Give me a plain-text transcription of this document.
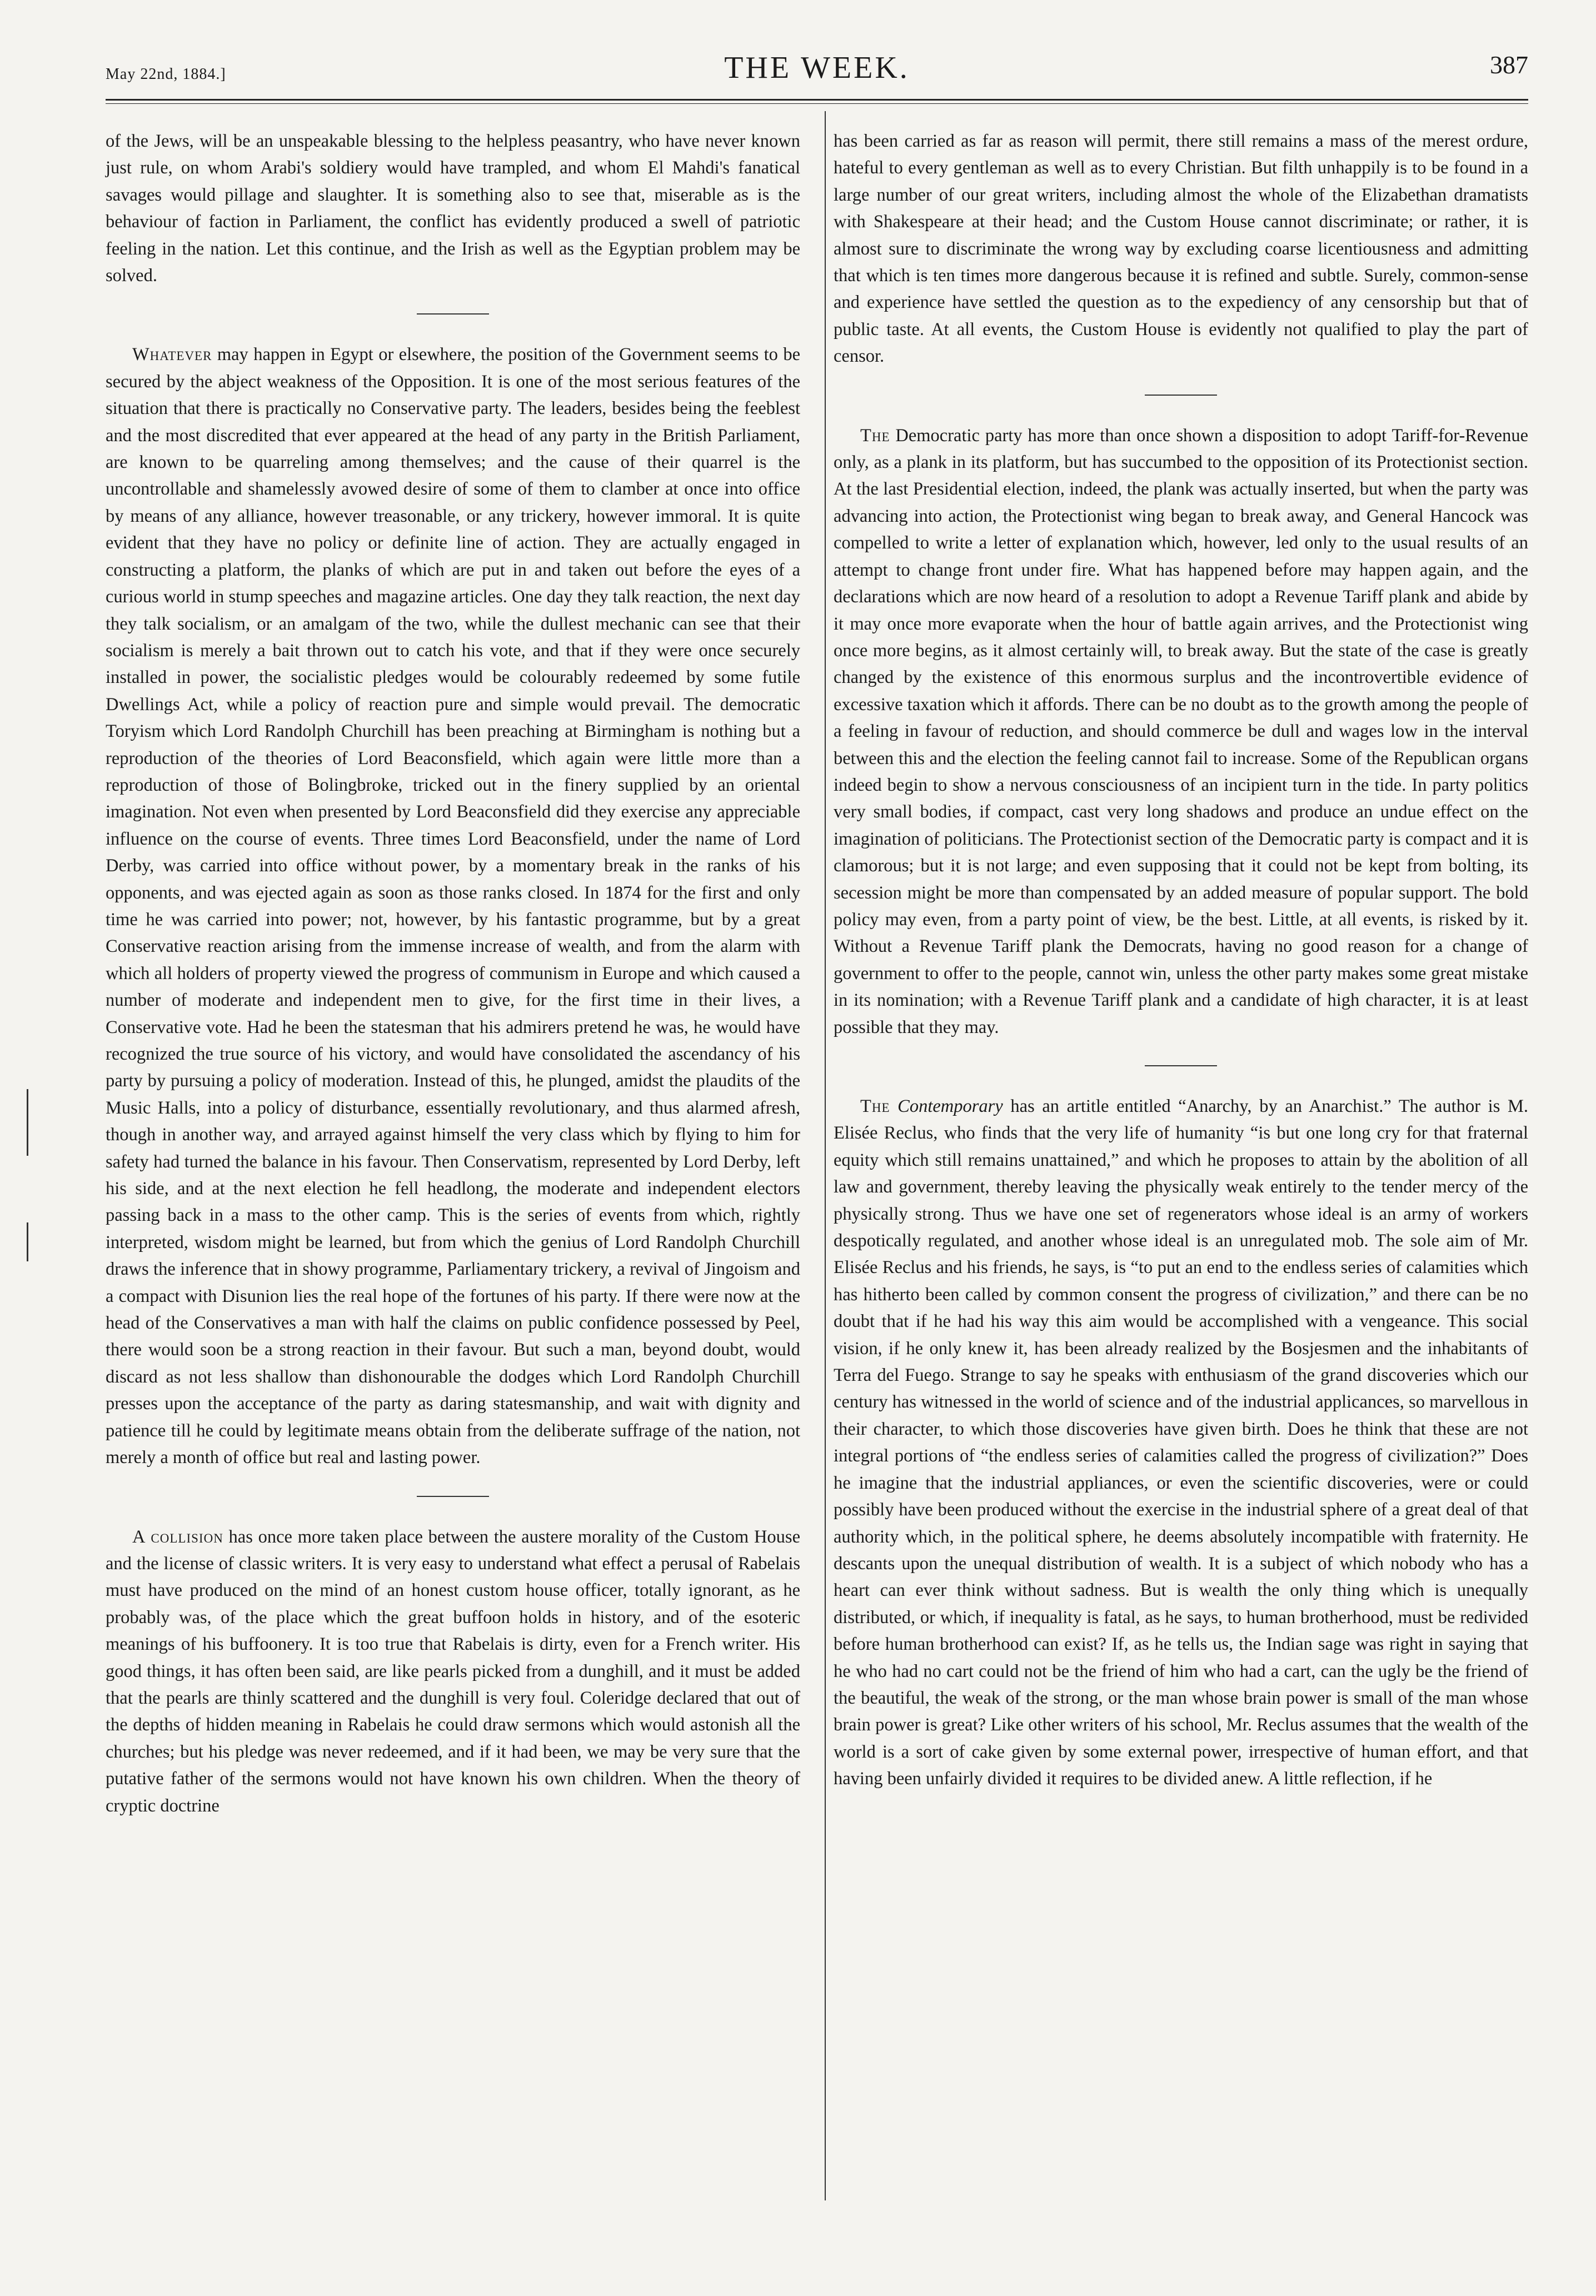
May 22nd, 1884.]	THE WEEK.	387

of the Jews, will be an unspeakable blessing to the helpless peasantry, who have never known just rule, on whom Arabi's soldiery would have trampled, and whom El Mahdi's fanatical savages would pillage and slaughter. It is something also to see that, miserable as is the behaviour of faction in Parliament, the conflict has evidently produced a swell of patriotic feeling in the nation. Let this continue, and the Irish as well as the Egyptian problem may be solved.

Whatever may happen in Egypt or elsewhere, the position of the Government seems to be secured by the abject weakness of the Opposition. It is one of the most serious features of the situation that there is practically no Conservative party. The leaders, besides being the feeblest and the most discredited that ever appeared at the head of any party in the British Parliament, are known to be quarreling among themselves; and the cause of their quarrel is the uncontrollable and shamelessly avowed desire of some of them to clamber at once into office by means of any alliance, however treasonable, or any trickery, however immoral. It is quite evident that they have no policy or definite line of action. They are actually engaged in constructing a platform, the planks of which are put in and taken out before the eyes of a curious world in stump speeches and magazine articles. One day they talk reaction, the next day they talk socialism, or an amalgam of the two, while the dullest mechanic can see that their socialism is merely a bait thrown out to catch his vote, and that if they were once securely installed in power, the socialistic pledges would be colourably redeemed by some futile Dwellings Act, while a policy of reaction pure and simple would prevail. The democratic Toryism which Lord Randolph Churchill has been preaching at Birmingham is nothing but a reproduction of the theories of Lord Beaconsfield, which again were little more than a reproduction of those of Bolingbroke, tricked out in the finery supplied by an oriental imagination. Not even when presented by Lord Beaconsfield did they exercise any appreciable influence on the course of events. Three times Lord Beaconsfield, under the name of Lord Derby, was carried into office without power, by a momentary break in the ranks of his opponents, and was ejected again as soon as those ranks closed. In 1874 for the first and only time he was carried into power; not, however, by his fantastic programme, but by a great Conservative reaction arising from the immense increase of wealth, and from the alarm with which all holders of property viewed the progress of communism in Europe and which caused a number of moderate and independent men to give, for the first time in their lives, a Conservative vote. Had he been the statesman that his admirers pretend he was, he would have recognized the true source of his victory, and would have consolidated the ascendancy of his party by pursuing a policy of moderation. Instead of this, he plunged, amidst the plaudits of the Music Halls, into a policy of disturbance, essentially revolutionary, and thus alarmed afresh, though in another way, and arrayed against himself the very class which by flying to him for safety had turned the balance in his favour. Then Conservatism, represented by Lord Derby, left his side, and at the next election he fell headlong, the moderate and independent electors passing back in a mass to the other camp. This is the series of events from which, rightly interpreted, wisdom might be learned, but from which the genius of Lord Randolph Churchill draws the inference that in showy programme, Parliamentary trickery, a revival of Jingoism and a compact with Disunion lies the real hope of the fortunes of his party. If there were now at the head of the Conservatives a man with half the claims on public confidence possessed by Peel, there would soon be a strong reaction in their favour. But such a man, beyond doubt, would discard as not less shallow than dishonourable the dodges which Lord Randolph Churchill presses upon the acceptance of the party as daring statesmanship, and wait with dignity and patience till he could by legitimate means obtain from the deliberate suffrage of the nation, not merely a month of office but real and lasting power.

A collision has once more taken place between the austere morality of the Custom House and the license of classic writers. It is very easy to understand what effect a perusal of Rabelais must have produced on the mind of an honest custom house officer, totally ignorant, as he probably was, of the place which the great buffoon holds in history, and of the esoteric meanings of his buffoonery. It is too true that Rabelais is dirty, even for a French writer. His good things, it has often been said, are like pearls picked from a dunghill, and it must be added that the pearls are thinly scattered and the dunghill is very foul. Coleridge declared that out of the depths of hidden meaning in Rabelais he could draw sermons which would astonish all the churches; but his pledge was never redeemed, and if it had been, we may be very sure that the putative father of the sermons would not have known his own children. When the theory of cryptic doctrine

has been carried as far as reason will permit, there still remains a mass of the merest ordure, hateful to every gentleman as well as to every Christian. But filth unhappily is to be found in a large number of our great writers, including almost the whole of the Elizabethan dramatists with Shakespeare at their head; and the Custom House cannot discriminate; or rather, it is almost sure to discriminate the wrong way by excluding coarse licentiousness and admitting that which is ten times more dangerous because it is refined and subtle. Surely, common-sense and experience have settled the question as to the expediency of any censorship but that of public taste. At all events, the Custom House is evidently not qualified to play the part of censor.

The Democratic party has more than once shown a disposition to adopt Tariff-for-Revenue only, as a plank in its platform, but has succumbed to the opposition of its Protectionist section. At the last Presidential election, indeed, the plank was actually inserted, but when the party was advancing into action, the Protectionist wing began to break away, and General Hancock was compelled to write a letter of explanation which, however, led only to the usual results of an attempt to change front under fire. What has happened before may happen again, and the declarations which are now heard of a resolution to adopt a Revenue Tariff plank and abide by it may once more evaporate when the hour of battle again arrives, and the Protectionist wing once more begins, as it almost certainly will, to break away. But the state of the case is greatly changed by the existence of this enormous surplus and the incontrovertible evidence of excessive taxation which it affords. There can be no doubt as to the growth among the people of a feeling in favour of reduction, and should commerce be dull and wages low in the interval between this and the election the feeling cannot fail to increase. Some of the Republican organs indeed begin to show a nervous consciousness of an incipient turn in the tide. In party politics very small bodies, if compact, cast very long shadows and produce an undue effect on the imagination of politicians. The Protectionist section of the Democratic party is compact and it is clamorous; but it is not large; and even supposing that it could not be kept from bolting, its secession might be more than compensated by an added measure of popular support. The bold policy may even, from a party point of view, be the best. Little, at all events, is risked by it. Without a Revenue Tariff plank the Democrats, having no good reason for a change of government to offer to the people, cannot win, unless the other party makes some great mistake in its nomination; with a Revenue Tariff plank and a candidate of high character, it is at least possible that they may.

The Contemporary has an artitle entitled “Anarchy, by an Anarchist.” The author is M. Elisée Reclus, who finds that the very life of humanity “is but one long cry for that fraternal equity which still remains unattained,” and which he proposes to attain by the abolition of all law and government, thereby leaving the physically weak entirely to the tender mercy of the physically strong. Thus we have one set of regenerators whose ideal is an army of workers despotically regulated, and another whose ideal is an unregulated mob. The sole aim of Mr. Elisée Reclus and his friends, he says, is “to put an end to the endless series of calamities which has hitherto been called by common consent the progress of civilization,” and there can be no doubt that if he had his way this aim would be accomplished with a vengeance. This social vision, if he only knew it, has been already realized by the Bosjesmen and the inhabitants of Terra del Fuego. Strange to say he speaks with enthusiasm of the grand discoveries which our century has witnessed in the world of science and of the industrial applicances, so marvellous in their character, to which those discoveries have given birth. Does he think that these are not integral portions of “the endless series of calamities called the progress of civilization?” Does he imagine that the industrial appliances, or even the scientific discoveries, were or could possibly have been produced without the exercise in the industrial sphere of a great deal of that authority which, in the political sphere, he deems absolutely incompatible with fraternity. He descants upon the unequal distribution of wealth. It is a subject of which nobody who has a heart can ever think without sadness. But is wealth the only thing which is unequally distributed, or which, if inequality is fatal, as he says, to human brotherhood, must be redivided before human brotherhood can exist? If, as he tells us, the Indian sage was right in saying that he who had no cart could not be the friend of him who had a cart, can the ugly be the friend of the beautiful, the weak of the strong, or the man whose brain power is small of the man whose brain power is great? Like other writers of his school, Mr. Reclus assumes that the wealth of the world is a sort of cake given by some external power, irrespective of human effort, and that having been unfairly divided it requires to be divided anew. A little reflection, if he
